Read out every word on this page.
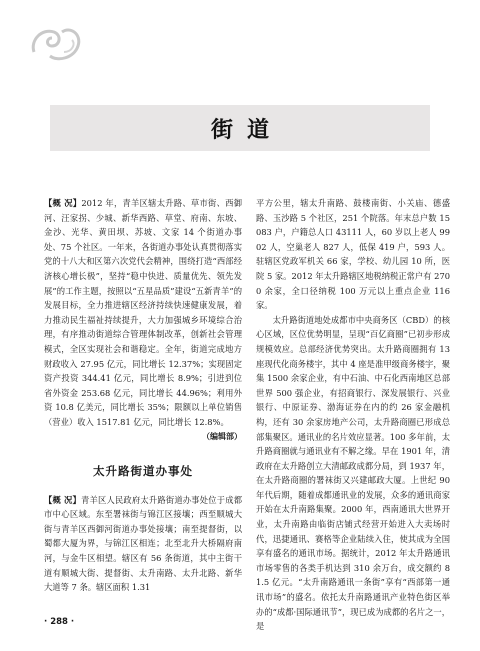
街道

【概 况】2012 年，青羊区辖太升路、草市街、西御河、汪家拐、少城、新华西路、草堂、府南、东坡、金沙、光华、黄田坝、苏坡、文家 14 个街道办事处、75 个社区。一年来，各街道办事处认真贯彻落实党的十八大和区第六次党代会精神，围绕打造“西部经济核心增长极”，坚持“稳中快进、质量优先、领先发展”的工作主题，按照以“五星品质”建设“五新青羊”的发展目标，全力推进辖区经济持续快速健康发展，着力推动民生福祉持续提升，大力加强城乡环境综合治理，有序推动街道综合管理体制改革，创新社会管理模式，全区实现社会和谐稳定。全年，街道完成地方财政收入 27.95 亿元，同比增长 12.37%；实现固定资产投资 344.41 亿元，同比增长 8.9%；引进到位省外资金 253.68 亿元，同比增长 44.96%；利用外资 10.8 亿美元，同比增长 35%；限额以上单位销售（营业）收入 1517.81 亿元，同比增长 12.8%。

（编辑部）

太升路街道办事处

【概 况】青羊区人民政府太升路街道办事处位于成都市中心区域。东至署袜街与锦江区接壤；西至顺城大街与青羊区西御河街道办事处接壤；南至提督街，以蜀都大厦为界，与锦江区相连；北至北升大桥隔府南河，与金牛区相望。辖区有 56 条街道，其中主街干道有顺城大街、提督街、太升南路、太升北路、新华大道等 7 条。辖区面积 1.31

平方公里，辖太升南路、鼓楼南街、小关庙、德盛路、玉沙路 5 个社区，251 个院落。年末总户数 15083 户，户籍总人口 43111 人，60 岁以上老人 9902 人，空巢老人 827 人，低保 419 户，593 人。驻辖区党政军机关 66 家，学校、幼儿园 10 所，医院 5 家。2012 年太升路辖区地税纳税正常户有 2700 余家，全口径纳税 100 万元以上重点企业 116 家。

太升路街道地处成都市中央商务区（CBD）的核心区域，区位优势明显，呈现“百亿商圈”已初步形成规模效应。总部经济优势突出。太升路商圈拥有 13 座现代化商务楼宇，其中 4 座是准甲级商务楼宇，聚集 1500 余家企业，有中石油、中石化西南地区总部世界 500 强企业，有招商银行、深发展银行、兴业银行、中原证券、渤海证券在内的约 26 家金融机构，还有 30 余家房地产公司，太升路商圈已形成总部集聚区。通讯业的名片效应显著。100 多年前，太升路商圈就与通讯业有不解之缘。早在 1901 年，清政府在太升路创立大清邮政成都分局，到 1937 年，在太升路商圈的署袜街又兴建邮政大厦。上世纪 90 年代后期，随着成都通讯业的发展，众多的通讯商家开始在太升南路集聚。2000 年，西南通讯大世界开业，太升南路由临街店铺式经营开始进入大卖场时代，迅捷通讯、赛格等企业陆续入住，使其成为全国享有盛名的通讯市场。据统计，2012 年太升路通讯市场零售的各类手机达到 310 余万台，成交额约 81.5 亿元。“太升南路通讯一条街”享有“西部第一通讯市场”的盛名。依托太升南路通讯产业特色街区举办的“成都·国际通讯节”，现已成为成都的名片之一，是

· 288 ·
